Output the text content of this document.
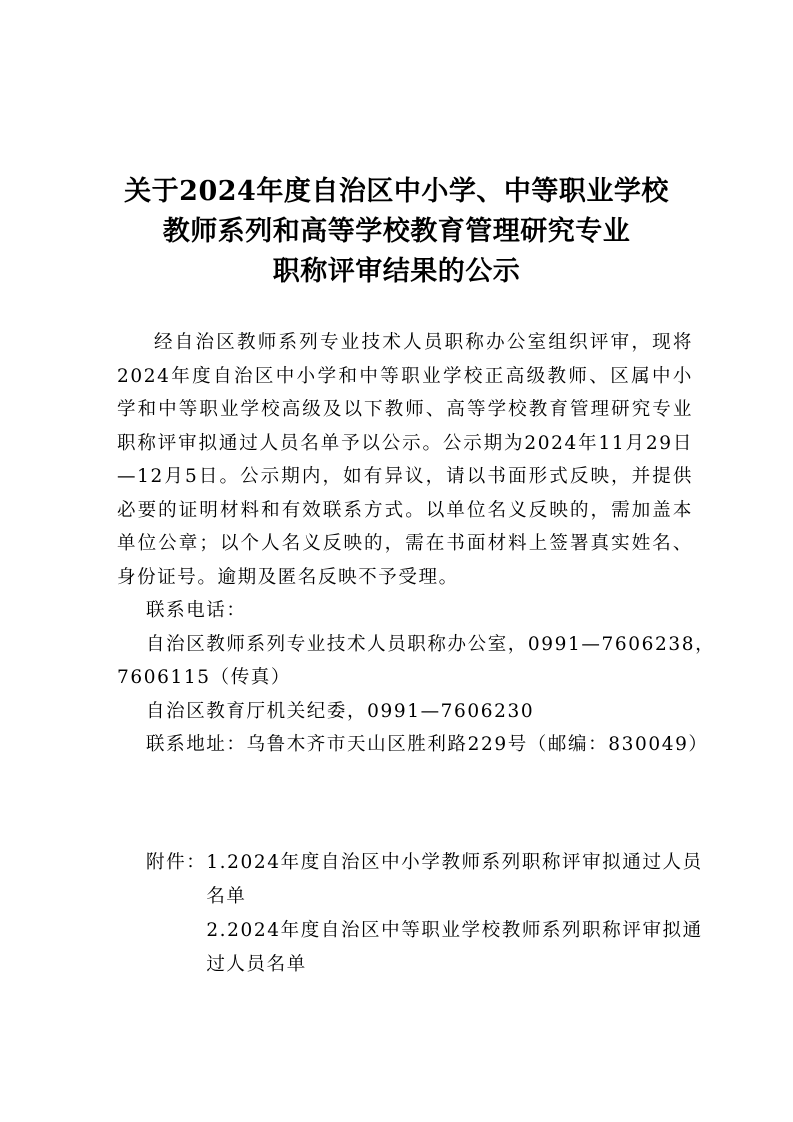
关于2024年度自治区中小学、中等职业学校
教师系列和高等学校教育管理研究专业
职称评审结果的公示

经自治区教师系列专业技术人员职称办公室组织评审，现将2024年度自治区中小学和中等职业学校正高级教师、区属中小学和中等职业学校高级及以下教师、高等学校教育管理研究专业职称评审拟通过人员名单予以公示。公示期为2024年11月29日—12月5日。公示期内，如有异议，请以书面形式反映，并提供必要的证明材料和有效联系方式。以单位名义反映的，需加盖本单位公章；以个人名义反映的，需在书面材料上签署真实姓名、身份证号。逾期及匿名反映不予受理。

联系电话：

自治区教师系列专业技术人员职称办公室，0991—7606238，

7606115（传真）

自治区教育厅机关纪委，0991—7606230

联系地址：乌鲁木齐市天山区胜利路229号（邮编：830049）

附件： 1.2024年度自治区中小学教师系列职称评审拟通过人员名单

2.2024年度自治区中等职业学校教师系列职称评审拟通过人员名单
